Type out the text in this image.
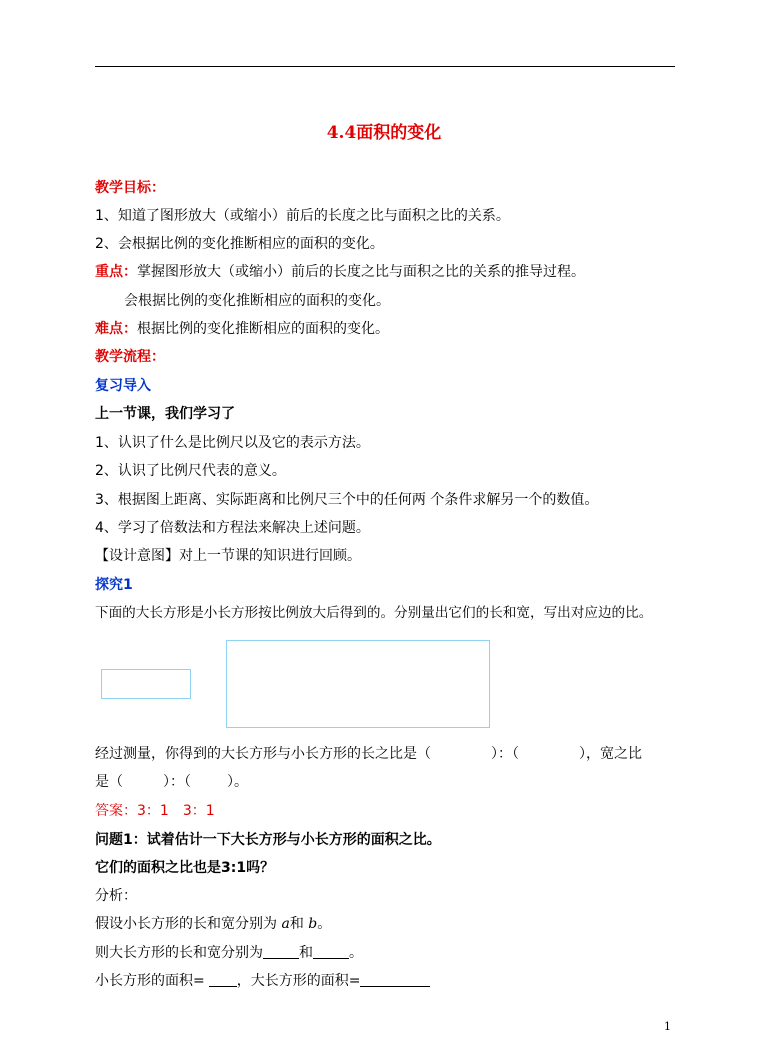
4.4面积的变化
教学目标：
1、知道了图形放大（或缩小）前后的长度之比与面积之比的关系。
2、会根据比例的变化推断相应的面积的变化。
重点：掌握图形放大（或缩小）前后的长度之比与面积之比的关系的推导过程。
会根据比例的变化推断相应的面积的变化。
难点：根据比例的变化推断相应的面积的变化。
教学流程：
复习导入
上一节课，我们学习了
1、认识了什么是比例尺以及它的表示方法。
2、认识了比例尺代表的意义。
3、根据图上距离、实际距离和比例尺三个中的任何两 个条件求解另一个的数值。
4、学习了倍数法和方程法来解决上述问题。
【设计意图】对上一节课的知识进行回顾。
探究1
下面的大长方形是小长方形按比例放大后得到的。分别量出它们的长和宽，写出对应边的比。
经过测量，你得到的大长方形与小长方形的长之比是（	）：（	），宽之比
是（	）：（	）。
答案：3：1　3：1
问题1：试着估计一下大长方形与小长方形的面积之比。
它们的面积之比也是3:1吗？
分析：
假设小长方形的长和宽分别为 a和 b。
则大长方形的长和宽分别为	和	。
小长方形的面积= ，大长方形的面积=
1
